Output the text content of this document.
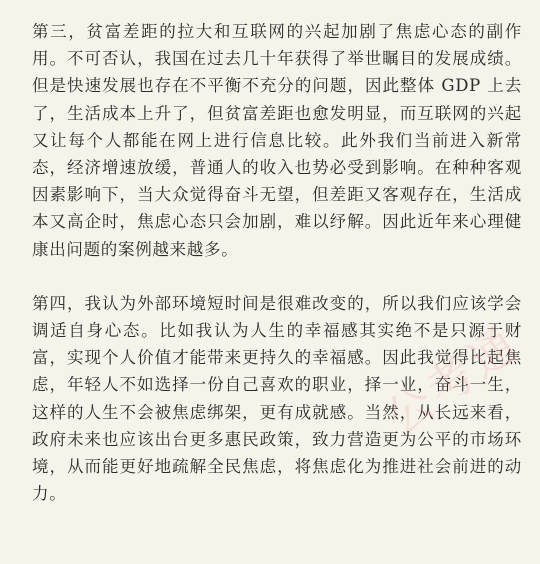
第三，贫富差距的拉大和互联网的兴起加剧了焦虑心态的副作用。不可否认，我国在过去几十年获得了举世瞩目的发展成绩。但是快速发展也存在不平衡不充分的问题，因此整体 GDP 上去了，生活成本上升了，但贫富差距也愈发明显，而互联网的兴起又让每个人都能在网上进行信息比较。此外我们当前进入新常态，经济增速放缓，普通人的收入也势必受到影响。在种种客观因素影响下，当大众觉得奋斗无望，但差距又客观存在，生活成本又高企时，焦虑心态只会加剧，难以纾解。因此近年来心理健康出问题的案例越来越多。

第四，我认为外部环境短时间是很难改变的，所以我们应该学会调适自身心态。比如我认为人生的幸福感其实绝不是只源于财富，实现个人价值才能带来更持久的幸福感。因此我觉得比起焦虑，年轻人不如选择一份自己喜欢的职业，择一业，奋斗一生，这样的人生不会被焦虑绑架，更有成就感。当然，从长远来看，政府未来也应该出台更多惠民政策，致力营造更为公平的市场环境，从而能更好地疏解全民焦虑，将焦虑化为推进社会前进的动力。

公考通
